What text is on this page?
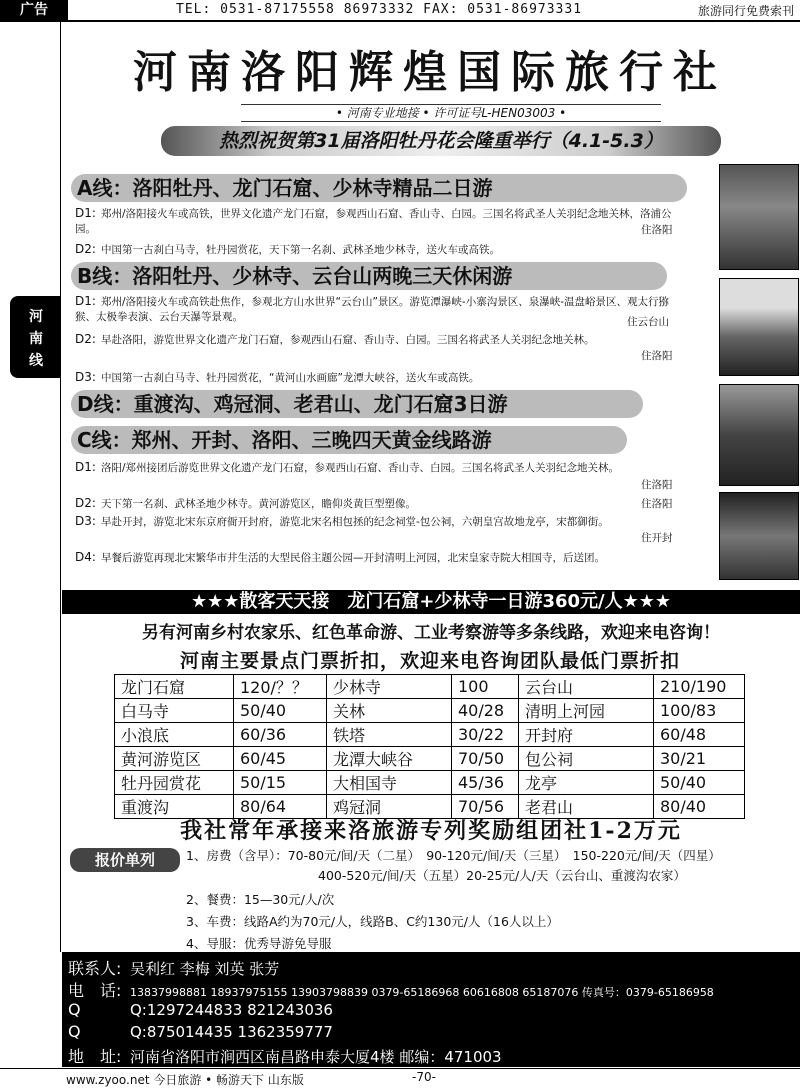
广告	TEL: 0531-87175558 86973332 FAX: 0531-86973331	旅游同行免费索刊
河
南
线
河南洛阳辉煌国际旅行社
• 河南专业地接 • 许可证号L-HEN03003 •
热烈祝贺第31届洛阳牡丹花会隆重举行（4.1-5.3）
A线：洛阳牡丹、龙门石窟、少林寺精品二日游
D1: 郑州/洛阳接火车或高铁，世界文化遗产龙门石窟，参观西山石窟、香山寺、白园。三国名将武圣人关羽纪念地关林，洛浦公园。	住洛阳
D2: 中国第一古刹白马寺，牡丹园赏花，天下第一名刹、武林圣地少林寺，送火车或高铁。
B线：洛阳牡丹、少林寺、云台山两晚三天休闲游
D1: 郑州/洛阳接火车或高铁赴焦作，参观北方山水世界“云台山”景区。游览潭瀑峡-小寨沟景区、泉瀑峡-温盘峪景区、观太行猕猴、太极拳表演、云台天瀑等景观。	住云台山
D2: 早赴洛阳，游览世界文化遗产龙门石窟，参观西山石窟、香山寺、白园。三国名将武圣人关羽纪念地关林。
住洛阳
D3: 中国第一古刹白马寺、牡丹园赏花，“黄河山水画廊”龙潭大峡谷，送火车或高铁。
D线：重渡沟、鸡冠洞、老君山、龙门石窟3日游
C线：郑州、开封、洛阳、三晚四天黄金线路游
D1: 洛阳/郑州接团后游览世界文化遗产龙门石窟，参观西山石窟、香山寺、白园。三国名将武圣人关羽纪念地关林。
住洛阳
D2: 天下第一名刹、武林圣地少林寺。黄河游览区，瞻仰炎黄巨型塑像。	住洛阳
D3: 早赴开封，游览北宋东京府衙开封府，游览北宋名相包拯的纪念祠堂-包公祠，六朝皇宫故地龙亭，宋都御街。
住开封
D4: 早餐后游览再现北宋繁华市井生活的大型民俗主题公园—开封清明上河园，北宋皇家寺院大相国寺，后送团。
★★★散客天天接　龙门石窟+少林寺一日游360元/人★★★
另有河南乡村农家乐、红色革命游、工业考察游等多条线路，欢迎来电咨询！
河南主要景点门票折扣，欢迎来电咨询团队最低门票折扣
龙门石窟	120/？？	少林寺	100	云台山	210/190
白马寺	50/40	关林	40/28	清明上河园	100/83
小浪底	60/36	铁塔	30/22	开封府	60/48
黄河游览区	60/45	龙潭大峡谷	70/50	包公祠	30/21
牡丹园赏花	50/15	大相国寺	45/36	龙亭	50/40
重渡沟	80/64	鸡冠洞	70/56	老君山	80/40
我社常年承接来洛旅游专列奖励组团社1-2万元
报价单列	1、房费（含早）：70-80元/间/天（二星）　90-120元/间/天（三星）　150-220元/间/天（四星）
400-520元/间/天（五星）20-25元/人/天（云台山、重渡沟农家）
2、餐费：15—30元/人/次
3、车费：线路A约为70元/人，线路B、C约130元/人（16人以上）
4、导服：优秀导游免导服
联系人: 吴利红 李梅 刘英 张芳
电　话: 13837998881 18937975155 13903798839 0379-65186968 60616808 65187076 传真号：0379-65186958
Q	Q:1297244833 821243036
Q	Q:875014435 1362359777
地　址: 河南省洛阳市涧西区南昌路申泰大厦4楼 邮编：471003
www.zyoo.net 今日旅游 • 畅游天下 山东版	-70-
